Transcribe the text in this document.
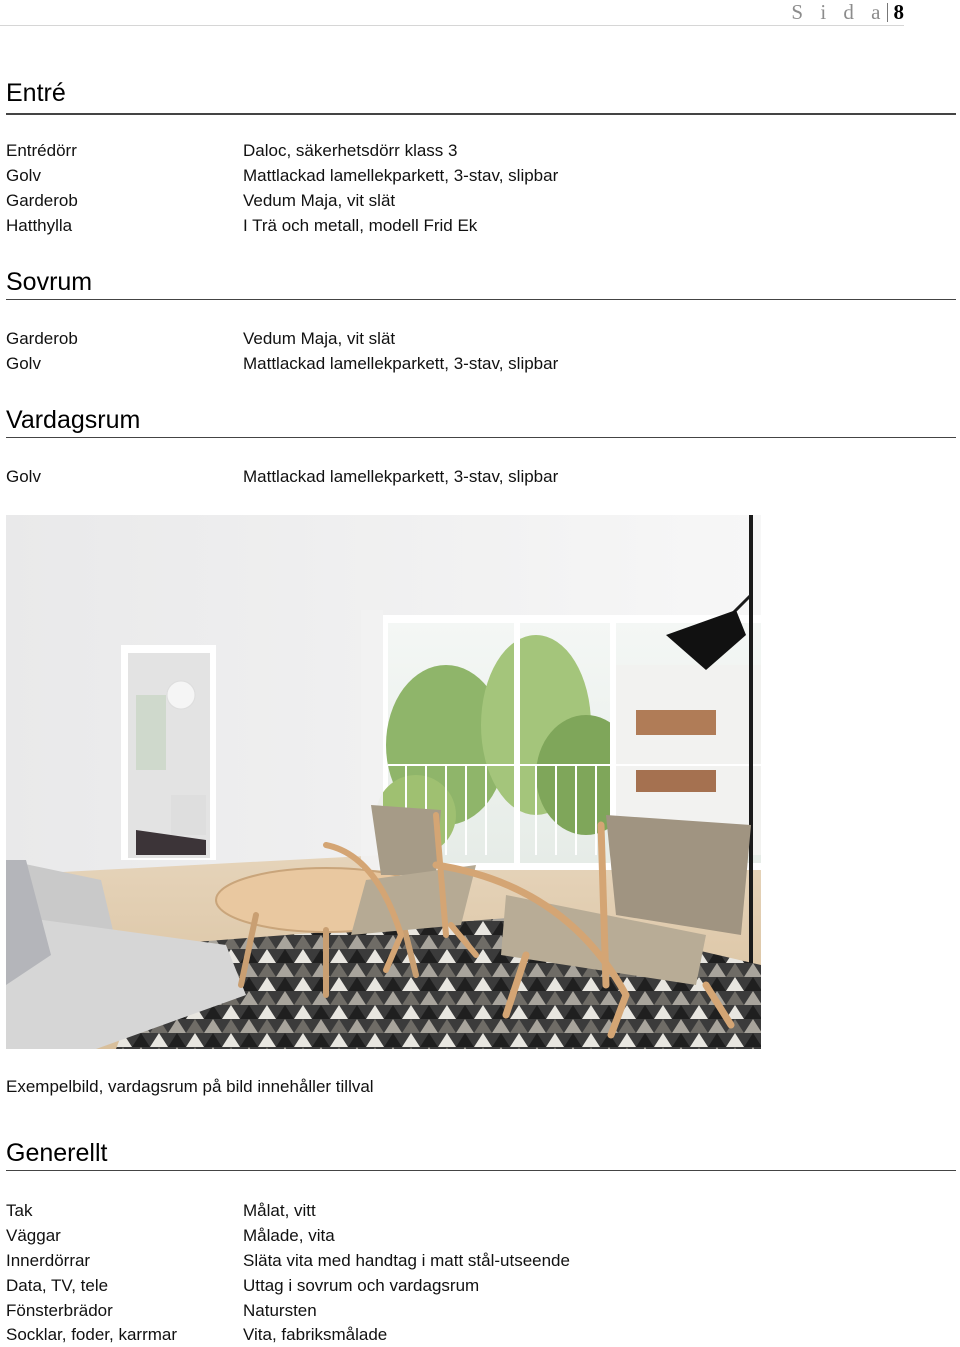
S i d a 8
Entré
Entrédörr	Daloc, säkerhetsdörr klass 3
Golv	Mattlackad lamellekparkett, 3-stav, slipbar
Garderob	Vedum Maja, vit slät
Hatthylla	I Trä och metall, modell Frid Ek
Sovrum
Garderob	Vedum Maja, vit slät
Golv	Mattlackad lamellekparkett, 3-stav, slipbar
Vardagsrum
Golv	Mattlackad lamellekparkett, 3-stav, slipbar
Exempelbild, vardagsrum på bild innehåller tillval
Generellt
Tak	Målat, vitt
Väggar	Målade, vita
Innerdörrar	Släta vita med handtag i matt stål-utseende
Data, TV, tele	Uttag i sovrum och vardagsrum
Fönsterbrädor	Natursten
Socklar, foder, karrmar	Vita, fabriksmålade
